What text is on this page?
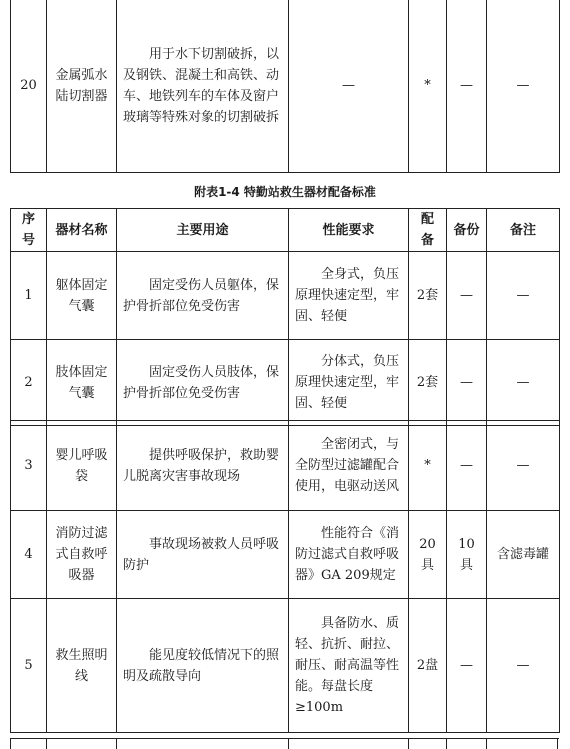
20	金属弧水陆切割器	用于水下切割破拆，以及钢铁、混凝土和高铁、动车、地铁列车的车体及窗户玻璃等特殊对象的切割破拆	—	*	—	—
附表1-4 特勤站救生器材配备标准
序号	器材名称	主要用途	性能要求	配备	备份	备注
1	躯体固定气囊	固定受伤人员躯体，保护骨折部位免受伤害	全身式，负压原理快速定型，牢固、轻便	2套	—	—
2	肢体固定气囊	固定受伤人员肢体，保护骨折部位免受伤害	分体式，负压原理快速定型，牢固、轻便	2套	—	—
3	婴儿呼吸袋	提供呼吸保护，救助婴儿脱离灾害事故现场	全密闭式，与全防型过滤罐配合使用，电驱动送风	*	—	—
4	消防过滤式自救呼吸器	事故现场被救人员呼吸防护	性能符合《消防过滤式自救呼吸器》GA 209规定	20具	10具	含滤毒罐
5	救生照明线	能见度较低情况下的照明及疏散导向	具备防水、质轻、抗折、耐拉、耐压、耐高温等性能。每盘长度≥100m	2盘	—	—
